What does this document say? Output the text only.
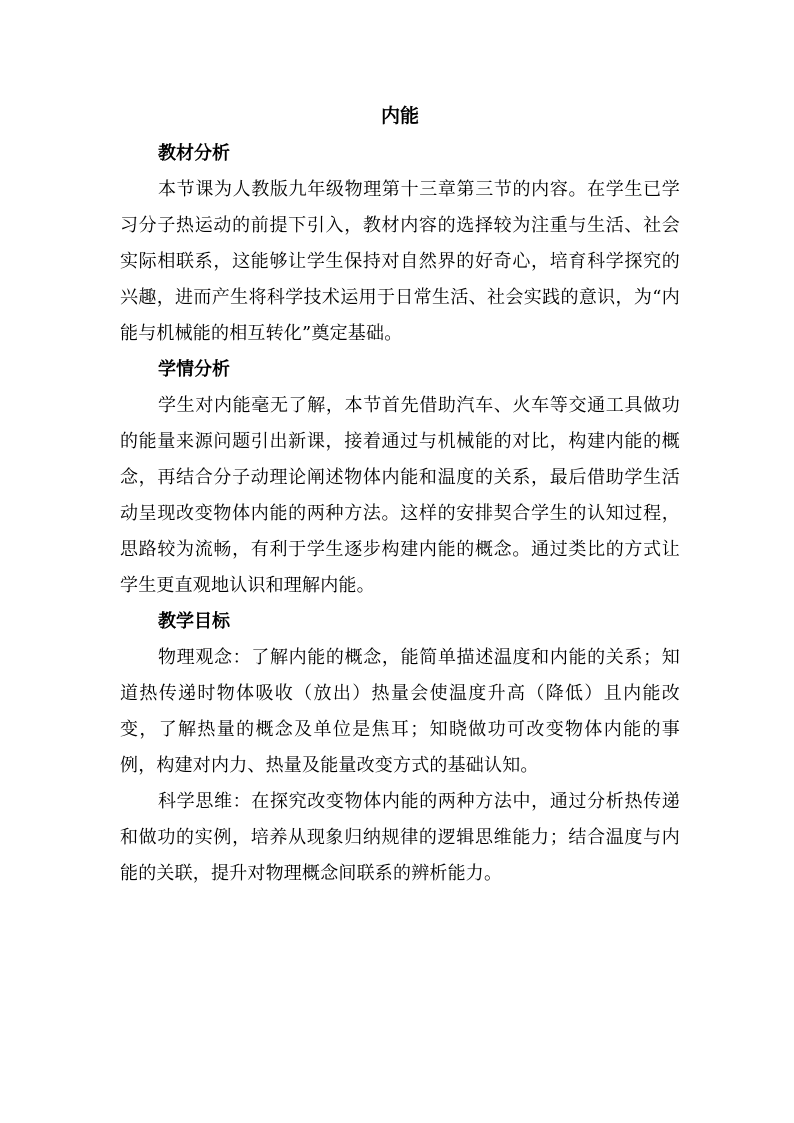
内能

教材分析

本节课为人教版九年级物理第十三章第三节的内容。在学生已学习分子热运动的前提下引入，教材内容的选择较为注重与生活、社会实际相联系，这能够让学生保持对自然界的好奇心，培育科学探究的兴趣，进而产生将科学技术运用于日常生活、社会实践的意识，为“内能与机械能的相互转化”奠定基础。

学情分析

学生对内能毫无了解，本节首先借助汽车、火车等交通工具做功的能量来源问题引出新课，接着通过与机械能的对比，构建内能的概念，再结合分子动理论阐述物体内能和温度的关系，最后借助学生活动呈现改变物体内能的两种方法。这样的安排契合学生的认知过程，思路较为流畅，有利于学生逐步构建内能的概念。通过类比的方式让学生更直观地认识和理解内能。

教学目标

物理观念：了解内能的概念，能简单描述温度和内能的关系；知道热传递时物体吸收（放出）热量会使温度升高（降低）且内能改变，了解热量的概念及单位是焦耳；知晓做功可改变物体内能的事例，构建对内力、热量及能量改变方式的基础认知。

科学思维：在探究改变物体内能的两种方法中，通过分析热传递和做功的实例，培养从现象归纳规律的逻辑思维能力；结合温度与内能的关联，提升对物理概念间联系的辨析能力。
